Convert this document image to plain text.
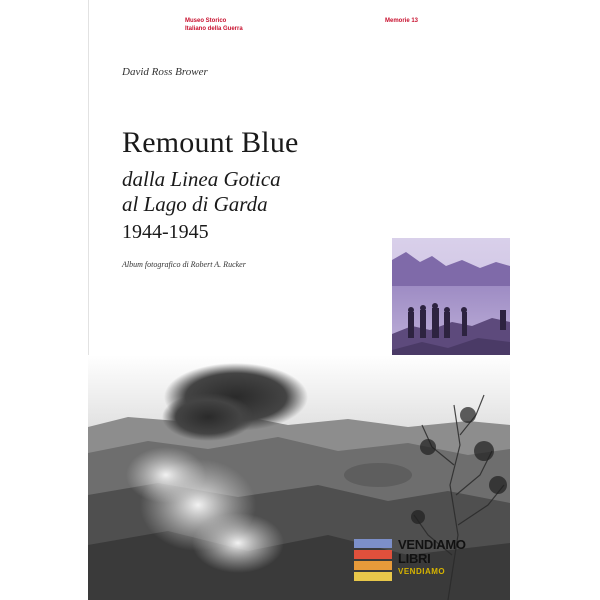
Museo Storico
Italiano della Guerra
Memorie 13
David Ross Brower
Remount Blue
dalla Linea Gotica
al Lago di Garda
1944-1945
Album fotografico di Robert A. Rucker
VENDIAMO
LIBRI
VENDIAMO
